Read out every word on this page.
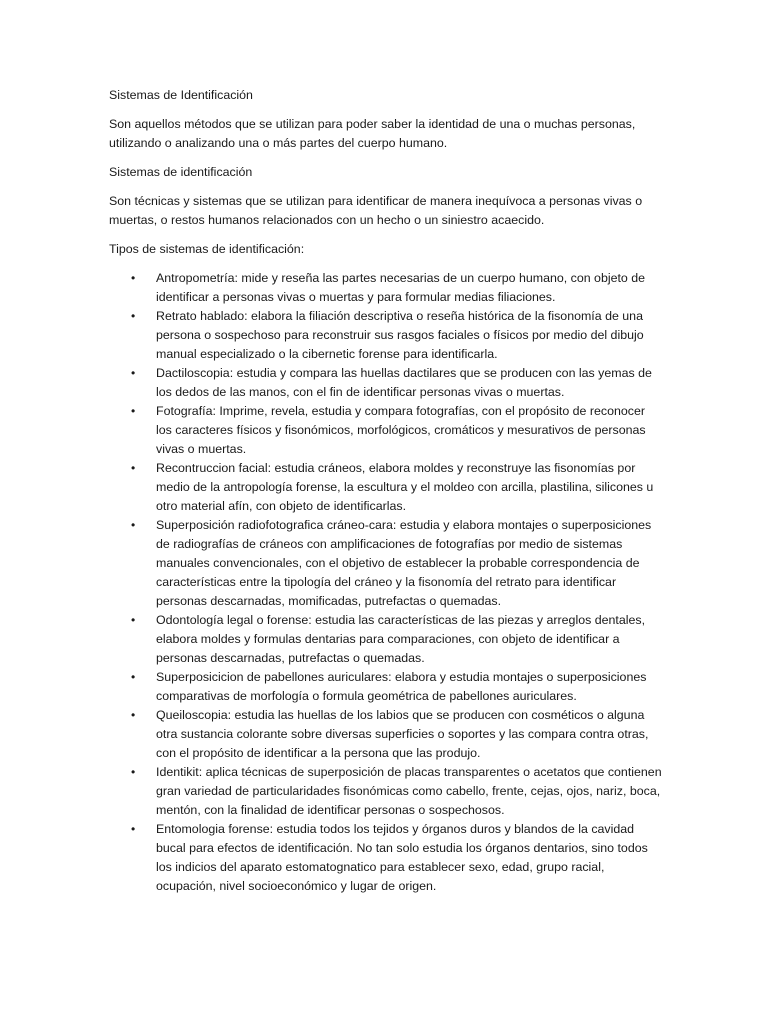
Sistemas de Identificación

Son aquellos métodos que se utilizan para poder saber la identidad de una o muchas personas, utilizando o analizando una o más partes del cuerpo humano.

Sistemas de identificación

Son técnicas y sistemas que se utilizan para identificar de manera inequívoca a personas vivas o muertas, o restos humanos relacionados con un hecho o un siniestro acaecido.

Tipos de sistemas de identificación:

• Antropometría: mide y reseña las partes necesarias de un cuerpo humano, con objeto de identificar a personas vivas o muertas y para formular medias filiaciones.
• Retrato hablado: elabora la filiación descriptiva o reseña histórica de la fisonomía de una persona o sospechoso para reconstruir sus rasgos faciales o físicos por medio del dibujo manual especializado o la cibernetic forense para identificarla.
• Dactiloscopia: estudia y compara las huellas dactilares que se producen con las yemas de los dedos de las manos, con el fin de identificar personas vivas o muertas.
• Fotografía: Imprime, revela, estudia y compara fotografías, con el propósito de reconocer los caracteres físicos y fisonómicos, morfológicos, cromáticos y mesurativos de personas vivas o muertas.
• Recontruccion facial: estudia cráneos, elabora moldes y reconstruye las fisonomías por medio de la antropología forense, la escultura y el moldeo con arcilla, plastilina, silicones u otro material afín, con objeto de identificarlas.
• Superposición radiofotografica cráneo-cara: estudia y elabora montajes o superposiciones de radiografías de cráneos con amplificaciones de fotografías por medio de sistemas manuales convencionales, con el objetivo de establecer la probable correspondencia de características entre la tipología del cráneo y la fisonomía del retrato para identificar personas descarnadas, momificadas, putrefactas o quemadas.
• Odontología legal o forense: estudia las características de las piezas y arreglos dentales, elabora moldes y formulas dentarias para comparaciones, con objeto de identificar a personas descarnadas, putrefactas o quemadas.
• Superposicicion de pabellones auriculares: elabora y estudia montajes o superposiciones comparativas de morfología o formula geométrica de pabellones auriculares.
• Queiloscopia: estudia las huellas de los labios que se producen con cosméticos o alguna otra sustancia colorante sobre diversas superficies o soportes y las compara contra otras, con el propósito de identificar a la persona que las produjo.
• Identikit: aplica técnicas de superposición de placas transparentes o acetatos que contienen gran variedad de particularidades fisonómicas como cabello, frente, cejas, ojos, nariz, boca, mentón, con la finalidad de identificar personas o sospechosos.
• Entomologia forense: estudia todos los tejidos y órganos duros y blandos de la cavidad bucal para efectos de identificación. No tan solo estudia los órganos dentarios, sino todos los indicios del aparato estomatognatico para establecer sexo, edad, grupo racial, ocupación, nivel socioeconómico y lugar de origen.
